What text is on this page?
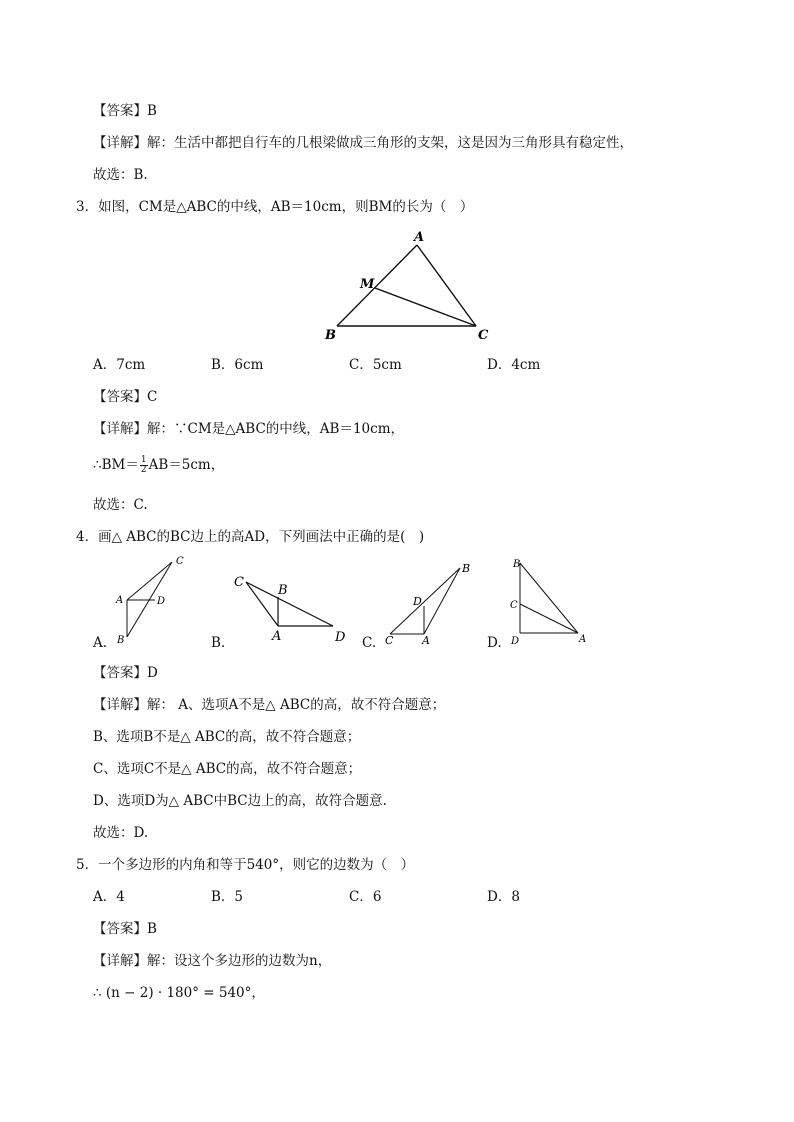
【答案】B
【详解】解：生活中都把自行车的几根梁做成三角形的支架，这是因为三角形具有稳定性，
故选：B.
3．如图，CM是△ABC的中线，AB＝10cm，则BM的长为（　）
A
M
B	C
A．7cm	B．6cm	C．5cm	D．4cm
【答案】C
【详解】解：∵CM是△ABC的中线，AB＝10cm，
∴BM＝ $\frac{1}{2} AB=5cm$，
故选：C.
4．画△ ABC的BC边上的高AD，下列画法中正确的是(　)
A.
C
A	D
B	B.
C
B
A	D C.
B
D
C	A	D.
B
C
D	A
【答案】D
【详解】解： A、选项A不是△ ABC的高，故不符合题意；
B、选项B不是△ ABC的高，故不符合题意；
C、选项C不是△ ABC的高，故不符合题意；
D、选项D为△ ABC中BC边上的高，故符合题意.
故选：D.
5．一个多边形的内角和等于540°，则它的边数为（　）
A．4	B．5	C．6	D．8
【答案】B
【详解】解：设这个多边形的边数为n，
∴ (n − 2) · 180° = 540°，
